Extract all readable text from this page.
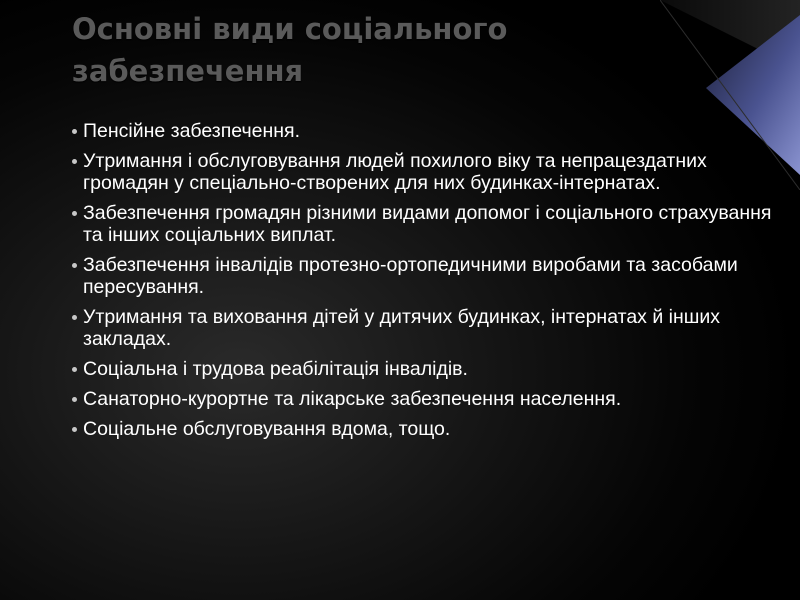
Основні види соціального забезпечення
Пенсійне забезпечення.
Утримання і обслуговування людей похилого віку та непрацездатних громадян у спеціально-створених для них будинках-інтернатах.
Забезпечення громадян різними видами допомог і соціального страхування та інших соціальних виплат.
Забезпечення інвалідів протезно-ортопедичними виробами та засобами пересування.
Утримання та виховання дітей у дитячих будинках, інтернатах й інших закладах.
Соціальна і трудова реабілітація інвалідів.
Санаторно-курортне та лікарське забезпечення населення.
Соціальне обслуговування вдома, тощо.
